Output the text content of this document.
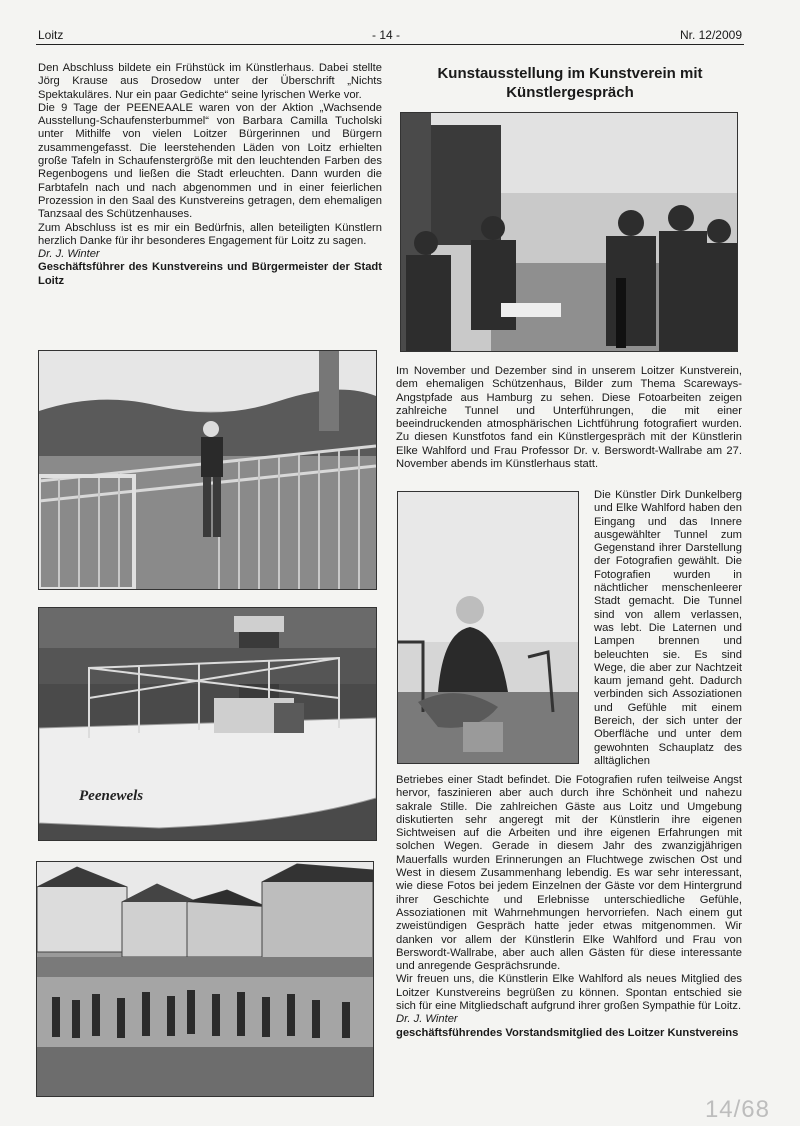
Loitz	- 14 -	Nr. 12/2009

Den Abschluss bildete ein Frühstück im Künstlerhaus. Dabei stellte Jörg Krause aus Drosedow unter der Überschrift „Nichts Spektakuläres. Nur ein paar Gedichte“ seine lyrischen Werke vor.

Die 9 Tage der PEENEAALE waren von der Aktion „Wachsende Ausstellung-Schaufensterbummel“ von Barbara Camilla Tucholski unter Mithilfe von vielen Loitzer Bürgerinnen und Bürgern zusammengefasst. Die leerstehenden Läden von Loitz erhielten große Tafeln in Schaufenstergröße mit den leuchtenden Farben des Regenbogens und ließen die Stadt erleuchten. Dann wurden die Farbtafeln nach und nach abgenommen und in einer feierlichen Prozession in den Saal des Kunstvereins getragen, dem ehemaligen Tanzsaal des Schützenhauses.

Zum Abschluss ist es mir ein Bedürfnis, allen beteiligten Künstlern herzlich Danke für ihr besonderes Engagement für Loitz zu sagen.

Dr. J. Winter

Geschäftsführer des Kunstvereins und Bürgermeister der Stadt Loitz

Peenewels
Kunstausstellung im Kunstverein mit Künstlergespräch

Im November und Dezember sind in unserem Loitzer Kunstverein, dem ehemaligen Schützenhaus, Bilder zum Thema Scareways-Angstpfade aus Hamburg zu sehen. Diese Fotoarbeiten zeigen zahlreiche Tunnel und Unterführungen, die mit einer beeindruckenden atmosphärischen Lichtführung fotografiert wurden. Zu diesen Kunstfotos fand ein Künstlergespräch mit der Künstlerin Elke Wahlford und Frau Professor Dr. v. Berswordt-Wallrabe am 27. November abends im Künstlerhaus statt.

Die Künstler Dirk Dunkelberg und Elke Wahlford haben den Eingang und das Innere ausgewählter Tunnel zum Gegenstand ihrer Darstellung der Fotografien gewählt. Die Fotografien wurden in nächtlicher menschenleerer Stadt gemacht. Die Tunnel sind von allem verlassen, was lebt. Die Laternen und Lampen brennen und beleuchten sie. Es sind Wege, die aber zur Nachtzeit kaum jemand geht. Dadurch verbinden sich Assoziationen und Gefühle mit einem Bereich, der sich unter der Oberfläche und unter dem gewohnten Schauplatz des alltäglichen

Betriebes einer Stadt befindet. Die Fotografien rufen teilweise Angst hervor, faszinieren aber auch durch ihre Schönheit und nahezu sakrale Stille. Die zahlreichen Gäste aus Loitz und Umgebung diskutierten sehr angeregt mit der Künstlerin ihre eigenen Sichtweisen auf die Arbeiten und ihre eigenen Erfahrungen mit solchen Wegen. Gerade in diesem Jahr des zwanzigjährigen Mauerfalls wurden Erinnerungen an Fluchtwege zwischen Ost und West in diesem Zusammenhang lebendig. Es war sehr interessant, wie diese Fotos bei jedem Einzelnen der Gäste vor dem Hintergrund ihrer Geschichte und Erlebnisse unterschiedliche Gefühle, Assoziationen mit Wahrnehmungen hervorriefen. Nach einem gut zweistündigen Gespräch hatte jeder etwas mitgenommen. Wir danken vor allem der Künstlerin Elke Wahlford und Frau von Berswordt-Wallrabe, aber auch allen Gästen für diese interessante und anregende Gesprächsrunde.

Wir freuen uns, die Künstlerin Elke Wahlford als neues Mitglied des Loitzer Kunstvereins begrüßen zu können. Spontan entschied sie sich für eine Mitgliedschaft aufgrund ihrer großen Sympathie für Loitz.

Dr. J. Winter

geschäftsführendes Vorstandsmitglied des Loitzer Kunstvereins

14/68
